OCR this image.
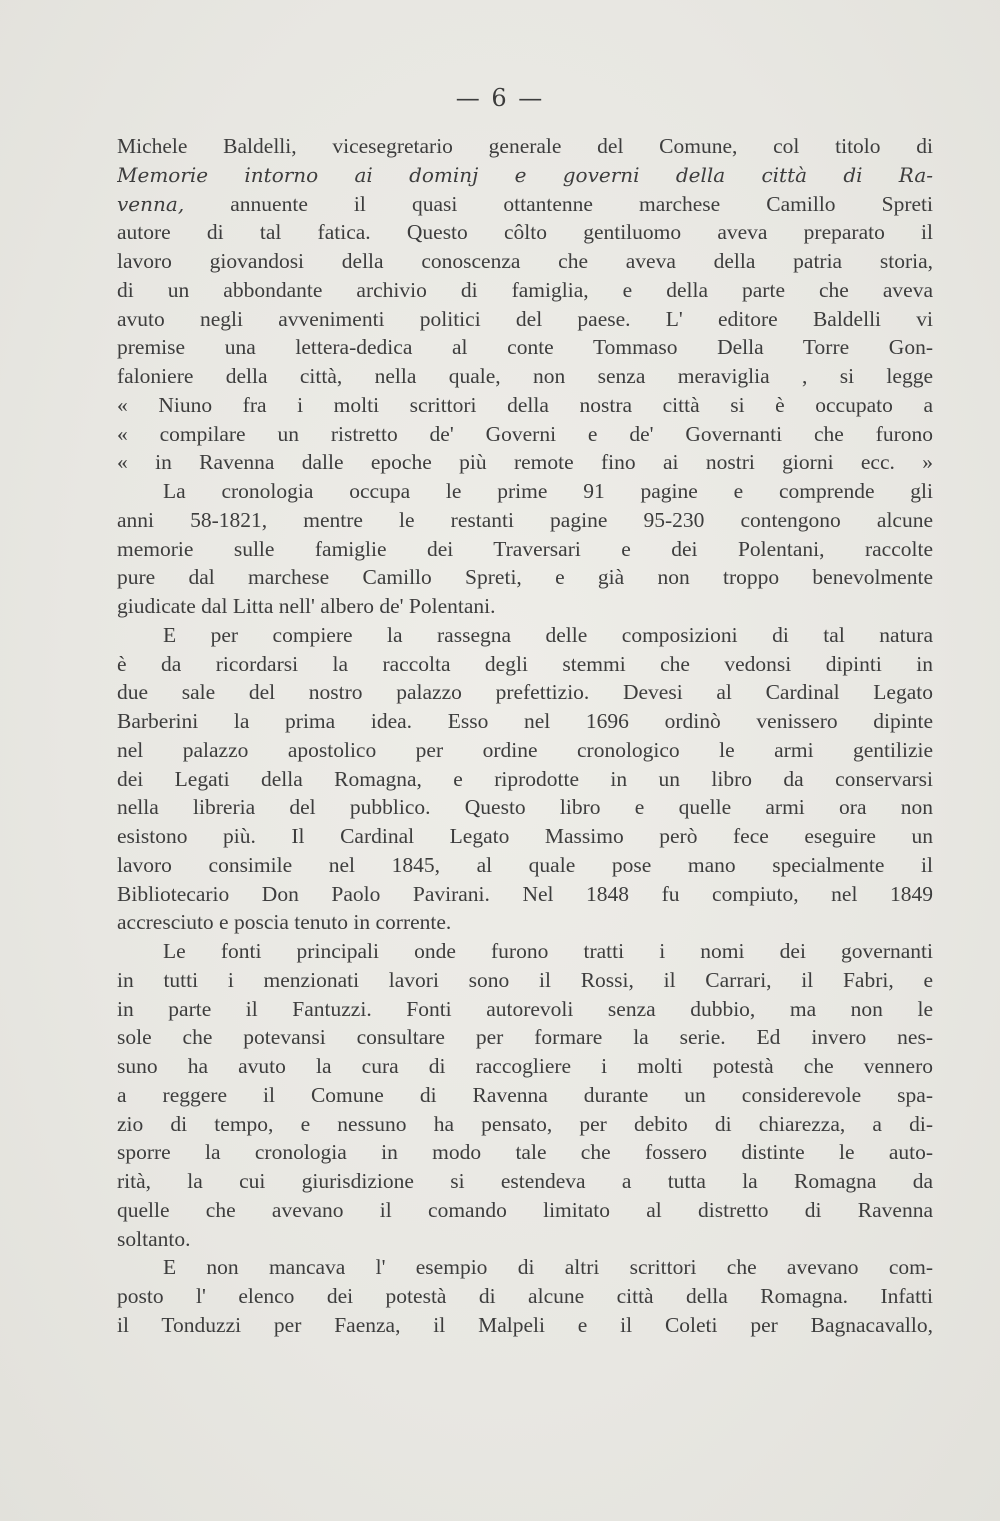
— 6 —
Michele Baldelli, vicesegretario generale del Comune, col titolo di
Memorie intorno ai dominj e governi della città di Ra-
venna, annuente il quasi ottantenne marchese Camillo Spreti
autore di tal fatica. Questo côlto gentiluomo aveva preparato il
lavoro giovandosi della conoscenza che aveva della patria storia,
di un abbondante archivio di famiglia, e della parte che aveva
avuto negli avvenimenti politici del paese. L' editore Baldelli vi
premise una lettera-dedica al conte Tommaso Della Torre Gon-
faloniere della città, nella quale, non senza meraviglia , si legge
« Niuno fra i molti scrittori della nostra città si è occupato a
« compilare un ristretto de' Governi e de' Governanti che furono
« in Ravenna dalle epoche più remote fino ai nostri giorni ecc. »
La cronologia occupa le prime 91 pagine e comprende gli
anni 58-1821, mentre le restanti pagine 95-230 contengono alcune
memorie sulle famiglie dei Traversari e dei Polentani, raccolte
pure dal marchese Camillo Spreti, e già non troppo benevolmente
giudicate dal Litta nell' albero de' Polentani.
E per compiere la rassegna delle composizioni di tal natura
è da ricordarsi la raccolta degli stemmi che vedonsi dipinti in
due sale del nostro palazzo prefettizio. Devesi al Cardinal Legato
Barberini la prima idea. Esso nel 1696 ordinò venissero dipinte
nel palazzo apostolico per ordine cronologico le armi gentilizie
dei Legati della Romagna, e riprodotte in un libro da conservarsi
nella libreria del pubblico. Questo libro e quelle armi ora non
esistono più. Il Cardinal Legato Massimo però fece eseguire un
lavoro consimile nel 1845, al quale pose mano specialmente il
Bibliotecario Don Paolo Pavirani. Nel 1848 fu compiuto, nel 1849
accresciuto e poscia tenuto in corrente.
Le fonti principali onde furono tratti i nomi dei governanti
in tutti i menzionati lavori sono il Rossi, il Carrari, il Fabri, e
in parte il Fantuzzi. Fonti autorevoli senza dubbio, ma non le
sole che potevansi consultare per formare la serie. Ed invero nes-
suno ha avuto la cura di raccogliere i molti potestà che vennero
a reggere il Comune di Ravenna durante un considerevole spa-
zio di tempo, e nessuno ha pensato, per debito di chiarezza, a di-
sporre la cronologia in modo tale che fossero distinte le auto-
rità, la cui giurisdizione si estendeva a tutta la Romagna da
quelle che avevano il comando limitato al distretto di Ravenna
soltanto.
E non mancava l' esempio di altri scrittori che avevano com-
posto l' elenco dei potestà di alcune città della Romagna. Infatti
il Tonduzzi per Faenza, il Malpeli e il Coleti per Bagnacavallo,
